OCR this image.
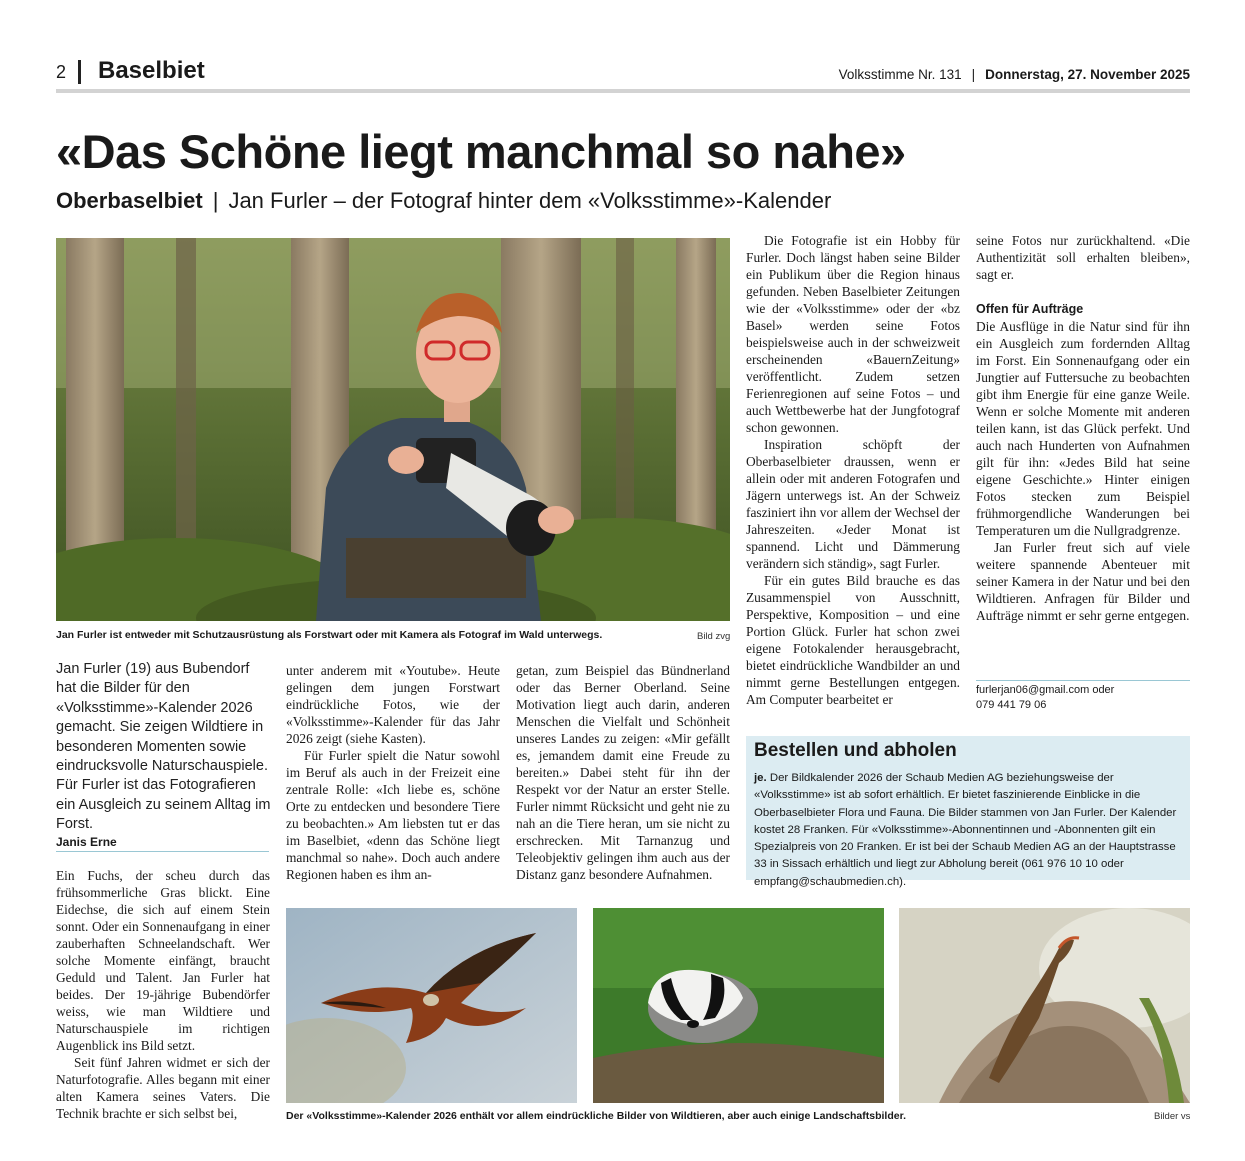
2 Baselbiet	Volksstimme Nr. 131 | Donnerstag, 27. November 2025
«Das Schöne liegt manchmal so nahe»
Oberbaselbiet | Jan Furler – der Fotograf hinter dem «Volksstimme»-Kalender
Jan Furler ist entweder mit Schutzausrüstung als Forstwart oder mit Kamera als Fotograf im Wald unterwegs.	Bild zvg
Jan Furler (19) aus Bubendorf hat die Bilder für den «Volksstimme»-Kalender 2026 gemacht. Sie zeigen Wildtiere in besonderen Momenten sowie eindrucksvolle Naturschauspiele. Für Furler ist das Fotografieren ein Ausgleich zu seinem Alltag im Forst.
Janis Erne

Ein Fuchs, der scheu durch das frühsommerliche Gras blickt. Eine Eidechse, die sich auf einem Stein sonnt. Oder ein Sonnenaufgang in einer zauberhaften Schneelandschaft. Wer solche Momente einfängt, braucht Geduld und Talent. Jan Furler hat beides. Der 19-jährige Bubendörfer weiss, wie man Wildtiere und Naturschauspiele im richtigen Augenblick ins Bild setzt.

Seit fünf Jahren widmet er sich der Naturfotografie. Alles begann mit einer alten Kamera seines Vaters. Die Technik brachte er sich selbst bei,

unter anderem mit «Youtube». Heute gelingen dem jungen Forstwart eindrückliche Fotos, wie der «Volksstimme»-Kalender für das Jahr 2026 zeigt (siehe Kasten).

Für Furler spielt die Natur sowohl im Beruf als auch in der Freizeit eine zentrale Rolle: «Ich liebe es, schöne Orte zu entdecken und besondere Tiere zu beobachten.» Am liebsten tut er das im Baselbiet, «denn das Schöne liegt manchmal so nahe». Doch auch andere Regionen haben es ihm an-

getan, zum Beispiel das Bündnerland oder das Berner Oberland. Seine Motivation liegt auch darin, anderen Menschen die Vielfalt und Schönheit unseres Landes zu zeigen: «Mir gefällt es, jemandem damit eine Freude zu bereiten.» Dabei steht für ihn der Respekt vor der Natur an erster Stelle. Furler nimmt Rücksicht und geht nie zu nah an die Tiere heran, um sie nicht zu erschrecken. Mit Tarnanzug und Teleobjektiv gelingen ihm auch aus der Distanz ganz besondere Aufnahmen.

Die Fotografie ist ein Hobby für Furler. Doch längst haben seine Bilder ein Publikum über die Region hinaus gefunden. Neben Baselbieter Zeitungen wie der «Volksstimme» oder der «bz Basel» werden seine Fotos beispielsweise auch in der schweizweit erscheinenden «BauernZeitung» veröffentlicht. Zudem setzen Ferienregionen auf seine Fotos – und auch Wettbewerbe hat der Jungfotograf schon gewonnen.

Inspiration schöpft der Oberbaselbieter draussen, wenn er allein oder mit anderen Fotografen und Jägern unterwegs ist. An der Schweiz fasziniert ihn vor allem der Wechsel der Jahreszeiten. «Jeder Monat ist spannend. Licht und Dämmerung verändern sich ständig», sagt Furler.

Für ein gutes Bild brauche es das Zusammenspiel von Ausschnitt, Perspektive, Komposition – und eine Portion Glück. Furler hat schon zwei eigene Fotokalender herausgebracht, bietet eindrückliche Wandbilder an und nimmt gerne Bestellungen entgegen. Am Computer bearbeitet er

seine Fotos nur zurückhaltend. «Die Authentizität soll erhalten bleiben», sagt er.

Offen für Aufträge

Die Ausflüge in die Natur sind für ihn ein Ausgleich zum fordernden Alltag im Forst. Ein Sonnenaufgang oder ein Jungtier auf Futtersuche zu beobachten gibt ihm Energie für eine ganze Weile. Wenn er solche Momente mit anderen teilen kann, ist das Glück perfekt. Und auch nach Hunderten von Aufnahmen gilt für ihn: «Jedes Bild hat seine eigene Geschichte.» Hinter einigen Fotos stecken zum Beispiel frühmorgendliche Wanderungen bei Temperaturen um die Nullgradgrenze.

Jan Furler freut sich auf viele weitere spannende Abenteuer mit seiner Kamera in der Natur und bei den Wildtieren. Anfragen für Bilder und Aufträge nimmt er sehr gerne entgegen.

furlerjan06@gmail.com oder
079 441 79 06
Bestellen und abholen
je. Der Bildkalender 2026 der Schaub Medien AG beziehungsweise der «Volksstimme» ist ab sofort erhältlich. Er bietet faszinierende Einblicke in die Oberbaselbieter Flora und Fauna. Die Bilder stammen von Jan Furler. Der Kalender kostet 28 Franken. Für «Volksstimme»-Abonnentinnen und -Abonnenten gilt ein Spezialpreis von 20 Franken. Er ist bei der Schaub Medien AG an der Hauptstrasse 33 in Sissach erhältlich und liegt zur Abholung bereit (061 976 10 10 oder empfang@schaubmedien.ch).
Der «Volksstimme»-Kalender 2026 enthält vor allem eindrückliche Bilder von Wildtieren, aber auch einige Landschaftsbilder.	Bilder vs
